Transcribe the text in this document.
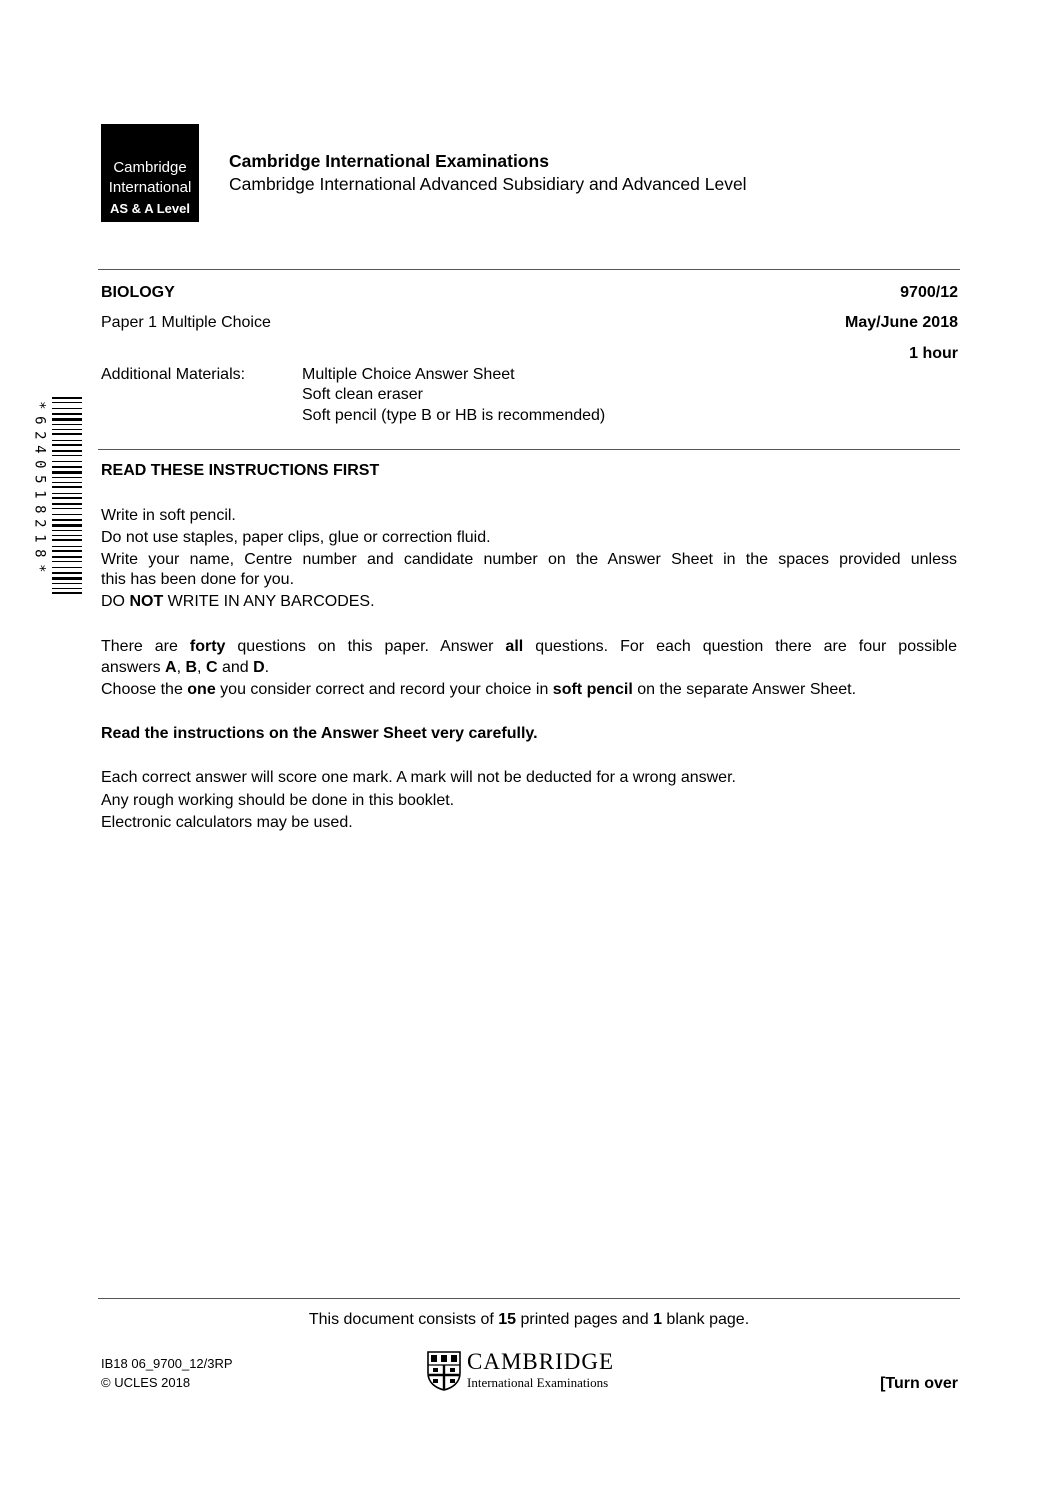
Cambridge
International
AS & A Level
Cambridge International Examinations
Cambridge International Advanced Subsidiary and Advanced Level
BIOLOGY	9700/12
Paper 1 Multiple Choice	May/June 2018
1 hour
Additional Materials:	Multiple Choice Answer Sheet
Soft clean eraser
Soft pencil (type B or HB is recommended)
*
6
2
4
0
5
1
8
2
1
8
*
READ THESE INSTRUCTIONS FIRST
Write in soft pencil.
Do not use staples, paper clips, glue or correction fluid.
Write your name, Centre number and candidate number on the Answer Sheet in the spaces provided unless
this has been done for you.
DO NOT WRITE IN ANY BARCODES.
There are forty questions on this paper. Answer all questions. For each question there are four possible
answers A, B, C and D.
Choose the one you consider correct and record your choice in soft pencil on the separate Answer Sheet.
Read the instructions on the Answer Sheet very carefully.
Each correct answer will score one mark. A mark will not be deducted for a wrong answer.
Any rough working should be done in this booklet.
Electronic calculators may be used.
This document consists of 15 printed pages and 1 blank page.
IB18 06_9700_12/3RP
© UCLES 2018
CAMBRIDGE
International Examinations	[Turn over
